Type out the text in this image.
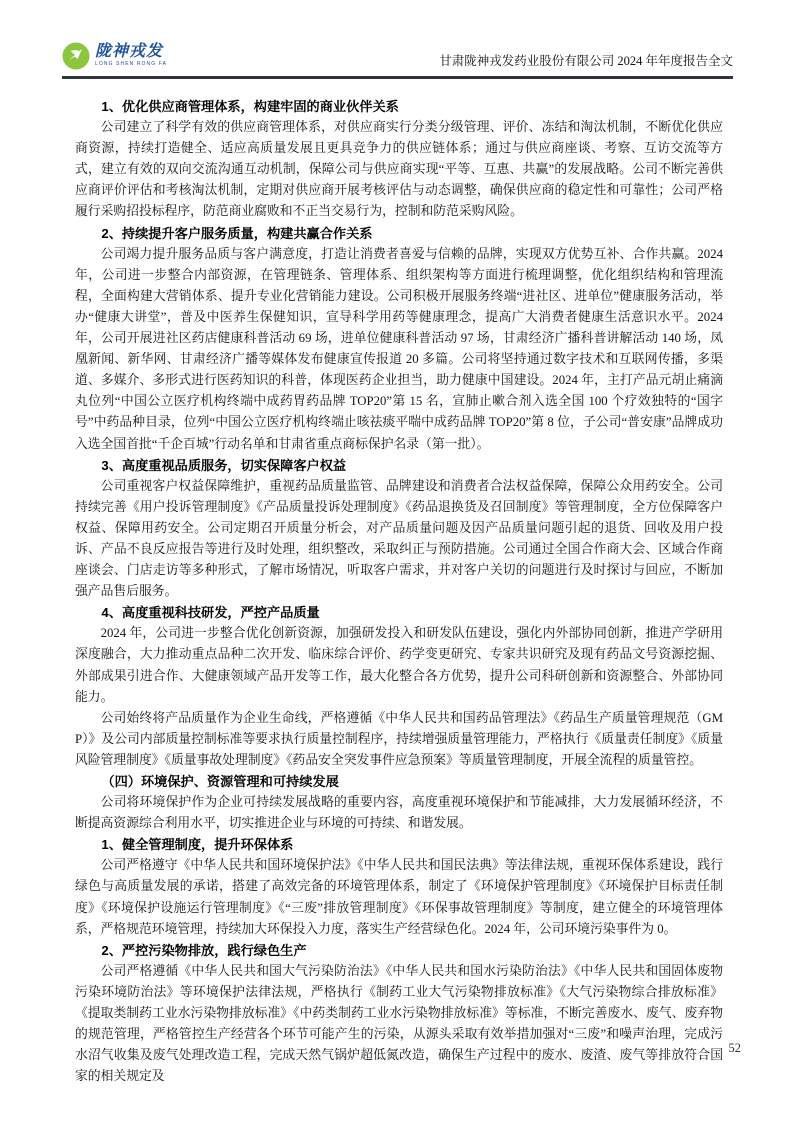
陇神戎发
LONG SHEN RONG FA	甘肃陇神戎发药业股份有限公司 2024 年年度报告全文

1、优化供应商管理体系，构建牢固的商业伙伴关系

公司建立了科学有效的供应商管理体系，对供应商实行分类分级管理、评价、冻结和淘汰机制，不断优化供应商资源，持续打造健全、适应高质量发展且更具竞争力的供应链体系；通过与供应商座谈、考察、互访交流等方式，建立有效的双向交流沟通互动机制，保障公司与供应商实现“平等、互惠、共赢”的发展战略。公司不断完善供应商评价评估和考核淘汰机制，定期对供应商开展考核评估与动态调整，确保供应商的稳定性和可靠性；公司严格履行采购招投标程序，防范商业腐败和不正当交易行为，控制和防范采购风险。

2、持续提升客户服务质量，构建共赢合作关系

公司竭力提升服务品质与客户满意度，打造让消费者喜爱与信赖的品牌，实现双方优势互补、合作共赢。2024 年，公司进一步整合内部资源，在管理链条、管理体系、组织架构等方面进行梳理调整，优化组织结构和管理流程，全面构建大营销体系、提升专业化营销能力建设。公司积极开展服务终端“进社区、进单位”健康服务活动，举办“健康大讲堂”，普及中医养生保健知识，宣导科学用药等健康理念，提高广大消费者健康生活意识水平。2024 年，公司开展进社区药店健康科普活动 69 场，进单位健康科普活动 97 场，甘肃经济广播科普讲解活动 140 场，凤凰新闻、新华网、甘肃经济广播等媒体发布健康宣传报道 20 多篇。公司将坚持通过数字技术和互联网传播，多渠道、多媒介、多形式进行医药知识的科普，体现医药企业担当，助力健康中国建设。2024 年，主打产品元胡止痛滴丸位列“中国公立医疗机构终端中成药胃药品牌 TOP20”第 15 名，宣肺止嗽合剂入选全国 100 个疗效独特的“国字号”中药品种目录，位列“中国公立医疗机构终端止咳祛痰平喘中成药品牌 TOP20”第 8 位，子公司“普安康”品牌成功入选全国首批“千企百城”行动名单和甘肃省重点商标保护名录（第一批）。

3、高度重视品质服务，切实保障客户权益

公司重视客户权益保障维护，重视药品质量监管、品牌建设和消费者合法权益保障，保障公众用药安全。公司持续完善《用户投诉管理制度》《产品质量投诉处理制度》《药品退换货及召回制度》等管理制度，全方位保障客户权益、保障用药安全。公司定期召开质量分析会，对产品质量问题及因产品质量问题引起的退货、回收及用户投诉、产品不良反应报告等进行及时处理，组织整改，采取纠正与预防措施。公司通过全国合作商大会、区域合作商座谈会、门店走访等多种形式，了解市场情况，听取客户需求，并对客户关切的问题进行及时探讨与回应，不断加强产品售后服务。

4、高度重视科技研发，严控产品质量

2024 年，公司进一步整合优化创新资源，加强研发投入和研发队伍建设，强化内外部协同创新，推进产学研用深度融合，大力推动重点品种二次开发、临床综合评价、药学变更研究、专家共识研究及现有药品文号资源挖掘、外部成果引进合作、大健康领域产品开发等工作，最大化整合各方优势，提升公司科研创新和资源整合、外部协同能力。

公司始终将产品质量作为企业生命线，严格遵循《中华人民共和国药品管理法》《药品生产质量管理规范（GMP）》及公司内部质量控制标准等要求执行质量控制程序，持续增强质量管理能力，严格执行《质量责任制度》《质量风险管理制度》《质量事故处理制度》《药品安全突发事件应急预案》等质量管理制度，开展全流程的质量管控。

（四）环境保护、资源管理和可持续发展

公司将环境保护作为企业可持续发展战略的重要内容，高度重视环境保护和节能减排，大力发展循环经济，不断提高资源综合利用水平，切实推进企业与环境的可持续、和谐发展。

1、健全管理制度，提升环保体系

公司严格遵守《中华人民共和国环境保护法》《中华人民共和国民法典》等法律法规，重视环保体系建设，践行绿色与高质量发展的承诺，搭建了高效完备的环境管理体系，制定了《环境保护管理制度》《环境保护目标责任制度》《环境保护设施运行管理制度》《“三废”排放管理制度》《环保事故管理制度》等制度，建立健全的环境管理体系，严格规范环境管理，持续加大环保投入力度，落实生产经营绿色化。2024 年，公司环境污染事件为 0。

2、严控污染物排放，践行绿色生产

公司严格遵循《中华人民共和国大气污染防治法》《中华人民共和国水污染防治法》《中华人民共和国固体废物污染环境防治法》等环境保护法律法规，严格执行《制药工业大气污染物排放标准》《大气污染物综合排放标准》《提取类制药工业水污染物排放标准》《中药类制药工业水污染物排放标准》等标准，不断完善废水、废气、废弃物的规范管理，严格管控生产经营各个环节可能产生的污染，从源头采取有效举措加强对“三废”和噪声治理，完成污水沼气收集及废气处理改造工程，完成天然气锅炉超低氮改造，确保生产过程中的废水、废渣、废气等排放符合国家的相关规定及

52
